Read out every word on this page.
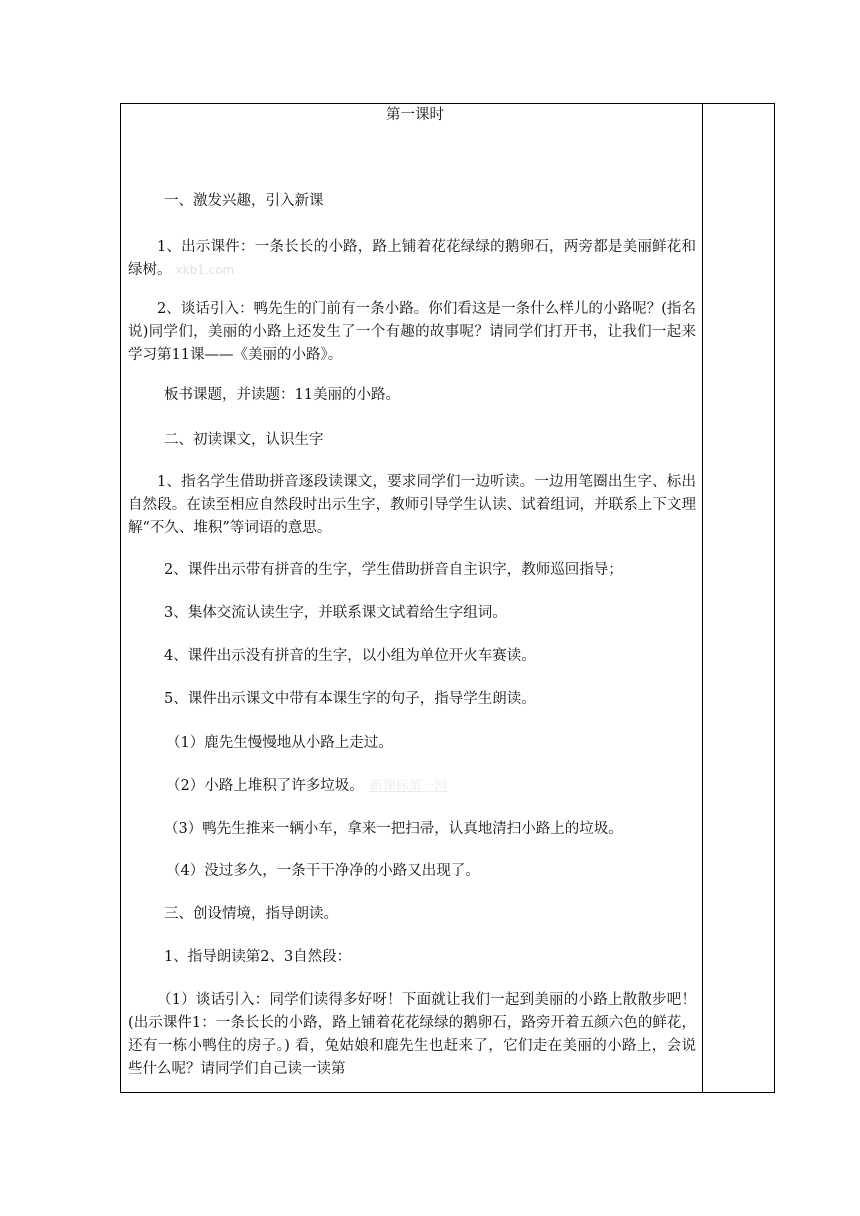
第一课时

一、激发兴趣，引入新课

1、出示课件：一条长长的小路，路上铺着花花绿绿的鹅卵石，两旁都是美丽鲜花和绿树。 xkb1.com

2、谈话引入：鸭先生的门前有一条小路。你们看这是一条什么样儿的小路呢？(指名说)同学们，美丽的小路上还发生了一个有趣的故事呢？请同学们打开书，让我们一起来学习第11课——《美丽的小路》。

板书课题，并读题：11美丽的小路。

二、初读课文，认识生字

1、指名学生借助拼音逐段读课文，要求同学们一边听读。一边用笔圈出生字、标出自然段。在读至相应自然段时出示生字，教师引导学生认读、试着组词，并联系上下文理解“不久、堆积”等词语的意思。

2、课件出示带有拼音的生字，学生借助拼音自主识字，教师巡回指导；

3、集体交流认读生字，并联系课文试着给生字组词。

4、课件出示没有拼音的生字，以小组为单位开火车赛读。

5、课件出示课文中带有本课生字的句子，指导学生朗读。

（1）鹿先生慢慢地从小路上走过。

（2）小路上堆积了许多垃圾。 新课标第一网

（3）鸭先生推来一辆小车，拿来一把扫帚，认真地清扫小路上的垃圾。

（4）没过多久，一条干干净净的小路又出现了。

三、创设情境，指导朗读。

1、指导朗读第2、3自然段：

（1）谈话引入：同学们读得多好呀！下面就让我们一起到美丽的小路上散散步吧！(出示课件1：一条长长的小路，路上铺着花花绿绿的鹅卵石，路旁开着五颜六色的鲜花，还有一栋小鸭住的房子。) 看，兔姑娘和鹿先生也赶来了，它们走在美丽的小路上，会说些什么呢？请同学们自己读一读第
